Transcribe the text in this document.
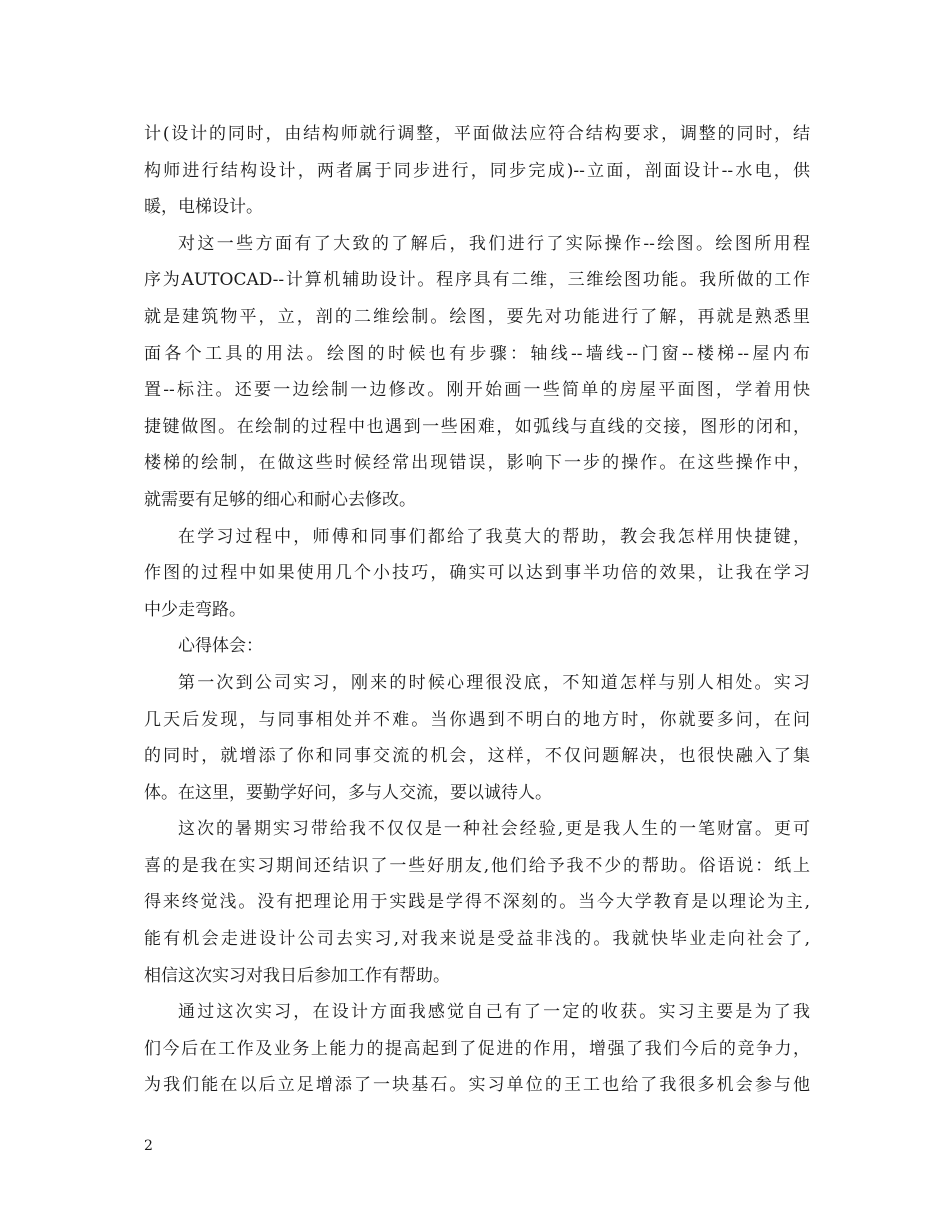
计(设计的同时，由结构师就行调整，平面做法应符合结构要求，调整的同时，结
构师进行结构设计，两者属于同步进行，同步完成)--立面，剖面设计--水电，供
暖，电梯设计。
对这一些方面有了大致的了解后，我们进行了实际操作--绘图。绘图所用程
序为AUTOCAD--计算机辅助设计。程序具有二维，三维绘图功能。我所做的工作
就是建筑物平，立，剖的二维绘制。绘图，要先对功能进行了解，再就是熟悉里
面各个工具的用法。绘图的时候也有步骤：轴线--墙线--门窗--楼梯--屋内布
置--标注。还要一边绘制一边修改。刚开始画一些简单的房屋平面图，学着用快
捷键做图。在绘制的过程中也遇到一些困难，如弧线与直线的交接，图形的闭和，
楼梯的绘制，在做这些时候经常出现错误，影响下一步的操作。在这些操作中，
就需要有足够的细心和耐心去修改。
在学习过程中，师傅和同事们都给了我莫大的帮助，教会我怎样用快捷键，
作图的过程中如果使用几个小技巧，确实可以达到事半功倍的效果，让我在学习
中少走弯路。
心得体会：
第一次到公司实习，刚来的时候心理很没底，不知道怎样与别人相处。实习
几天后发现，与同事相处并不难。当你遇到不明白的地方时，你就要多问，在问
的同时，就增添了你和同事交流的机会，这样，不仅问题解决，也很快融入了集
体。在这里，要勤学好问，多与人交流，要以诚待人。
这次的暑期实习带给我不仅仅是一种社会经验,更是我人生的一笔财富。更可
喜的是我在实习期间还结识了一些好朋友,他们给予我不少的帮助。俗语说：纸上
得来终觉浅。没有把理论用于实践是学得不深刻的。当今大学教育是以理论为主,
能有机会走进设计公司去实习,对我来说是受益非浅的。我就快毕业走向社会了,
相信这次实习对我日后参加工作有帮助。
通过这次实习，在设计方面我感觉自己有了一定的收获。实习主要是为了我
们今后在工作及业务上能力的提高起到了促进的作用，增强了我们今后的竞争力，
为我们能在以后立足增添了一块基石。实习单位的王工也给了我很多机会参与他
2
